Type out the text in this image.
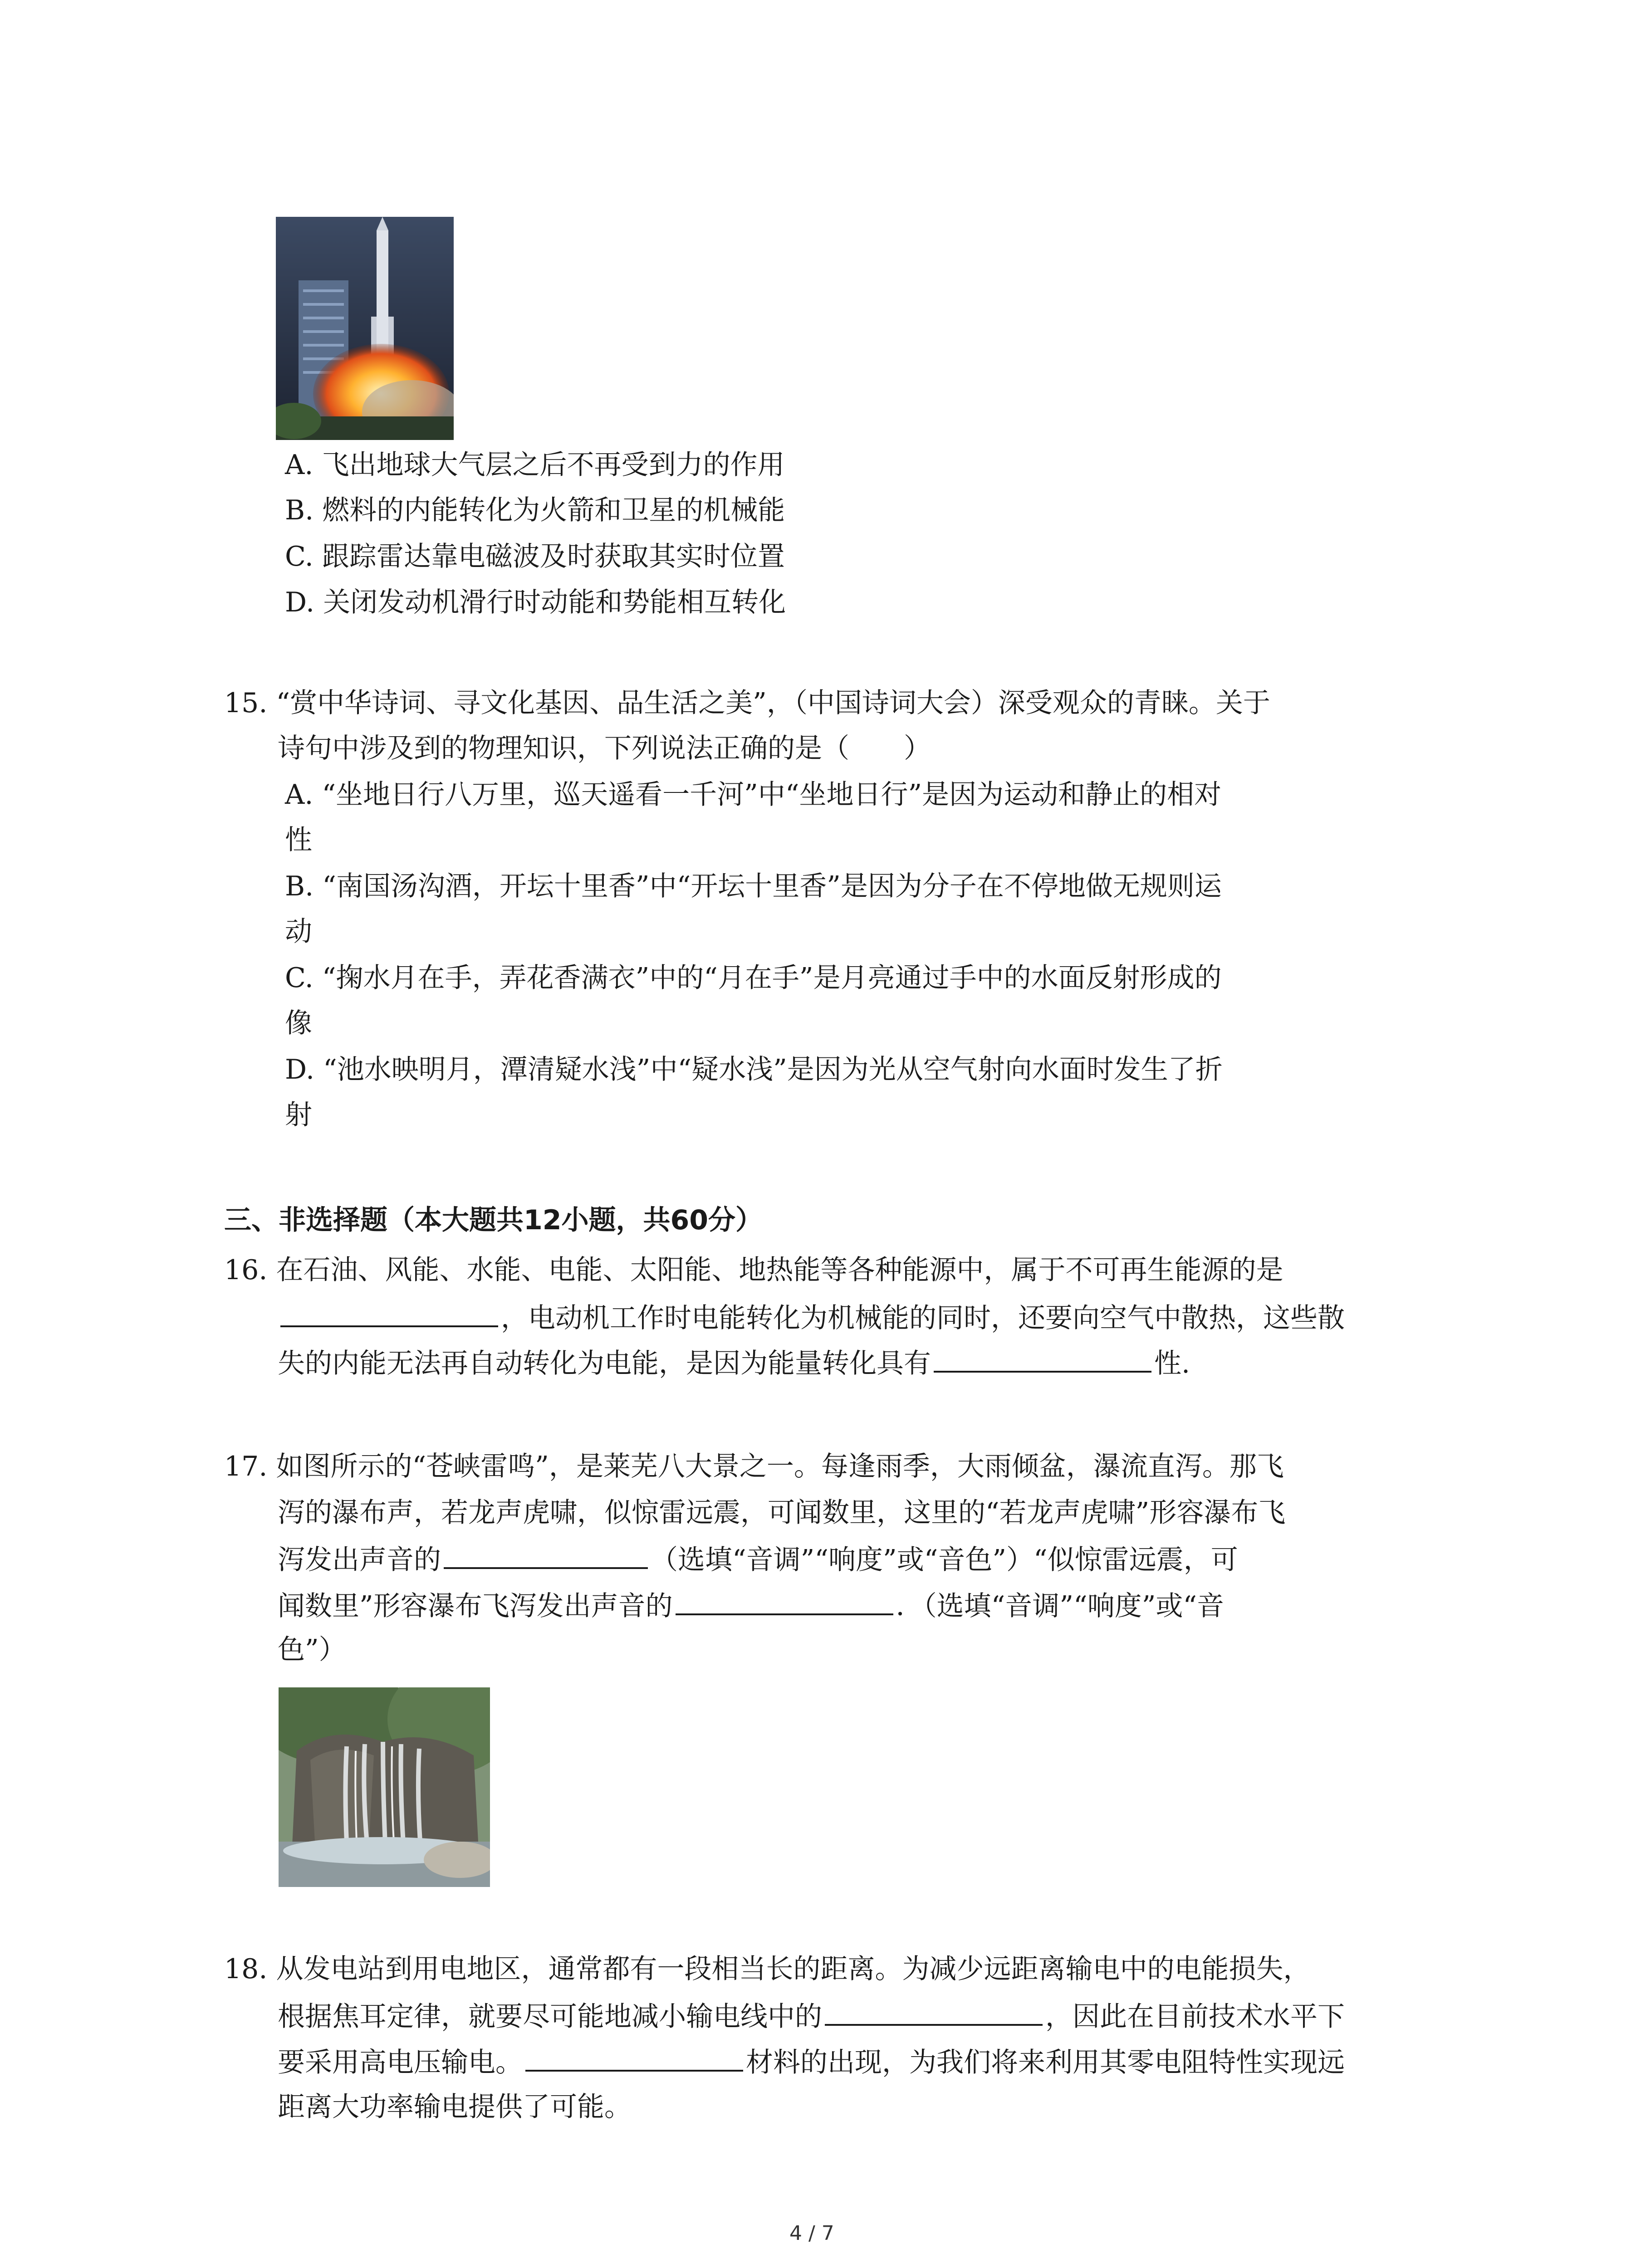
A. 飞出地球大气层之后不再受到力的作用
B. 燃料的内能转化为火箭和卫星的机械能
C. 跟踪雷达靠电磁波及时获取其实时位置
D. 关闭发动机滑行时动能和势能相互转化
15. “赏中华诗词、寻文化基因、品生活之美”，（中国诗词大会）深受观众的青睐。关于
诗句中涉及到的物理知识，下列说法正确的是（　　）
A. “坐地日行八万里，巡天遥看一千河”中“坐地日行”是因为运动和静止的相对
性
B. “南国汤沟酒，开坛十里香”中“开坛十里香”是因为分子在不停地做无规则运
动
C. “掬水月在手，弄花香满衣”中的“月在手”是月亮通过手中的水面反射形成的
像
D. “池水映明月，潭清疑水浅”中“疑水浅”是因为光从空气射向水面时发生了折
射
三、非选择题（本大题共12小题，共60分）
16. 在石油、风能、水能、电能、太阳能、地热能等各种能源中，属于不可再生能源的是
，电动机工作时电能转化为机械能的同时，还要向空气中散热，这些散
失的内能无法再自动转化为电能，是因为能量转化具有	性.
17. 如图所示的“苍峡雷鸣”，是莱芜八大景之一。每逢雨季，大雨倾盆，瀑流直泻。那飞
泻的瀑布声，若龙声虎啸，似惊雷远震，可闻数里，这里的“若龙声虎啸”形容瀑布飞
泻发出声音的	（选填“音调”“响度”或“音色”）“似惊雷远震，可
闻数里”形容瀑布飞泻发出声音的	．（选填“音调”“响度”或“音
色”）
18. 从发电站到用电地区，通常都有一段相当长的距离。为减少远距离输电中的电能损失，
根据焦耳定律，就要尽可能地减小输电线中的	，因此在目前技术水平下
要采用高电压输电。	材料的出现，为我们将来利用其零电阻特性实现远
距离大功率输电提供了可能。
4 / 7
